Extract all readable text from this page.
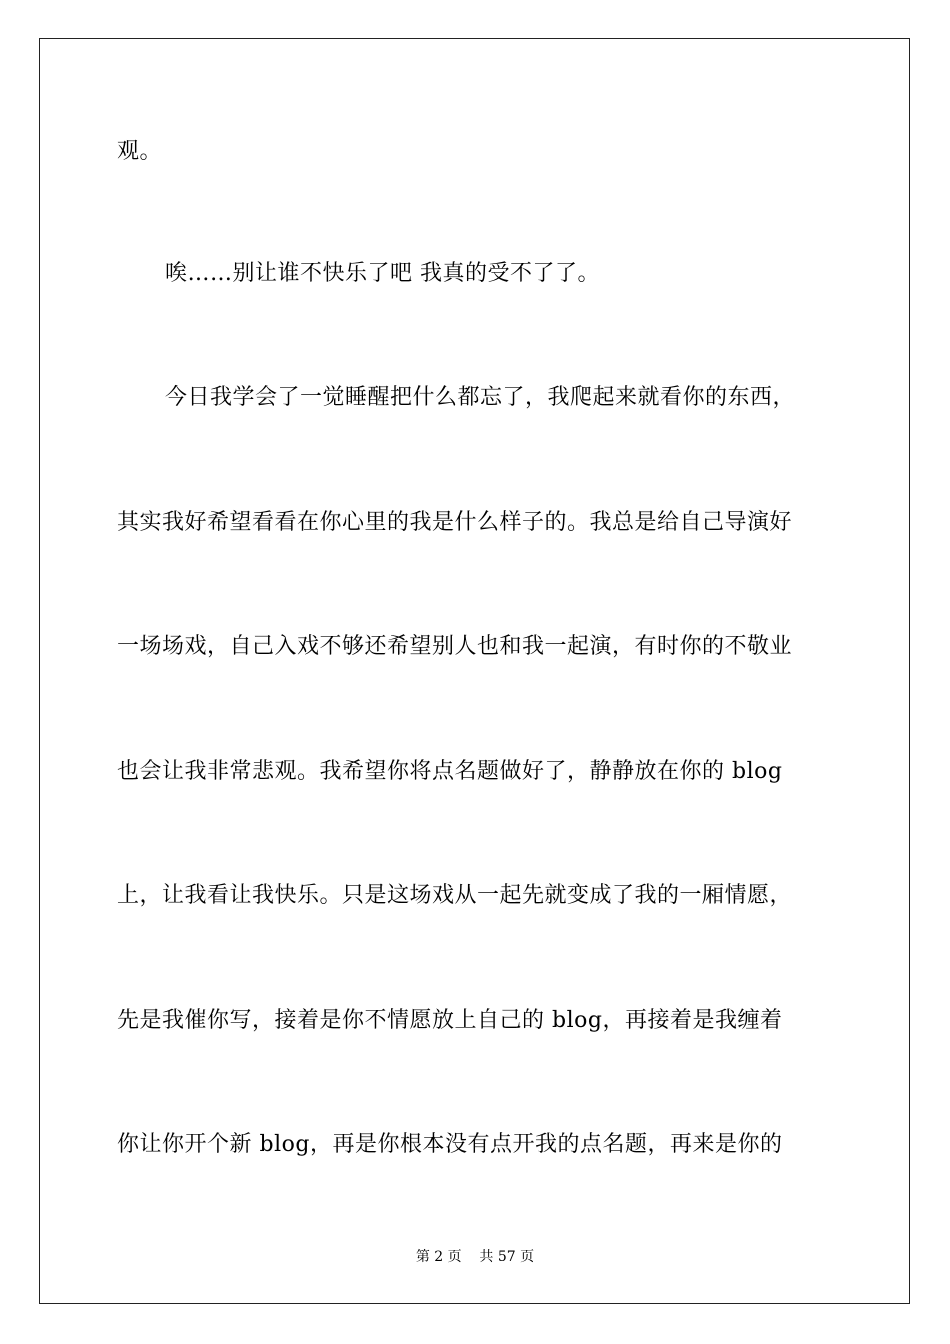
观。
唉……别让谁不快乐了吧 我真的受不了了。
今日我学会了一觉睡醒把什么都忘了，我爬起来就看你的东西，
其实我好希望看看在你心里的我是什么样子的。我总是给自己导演好
一场场戏，自己入戏不够还希望别人也和我一起演，有时你的不敬业
也会让我非常悲观。我希望你将点名题做好了，静静放在你的 blog
上，让我看让我快乐。只是这场戏从一起先就变成了我的一厢情愿，
先是我催你写，接着是你不情愿放上自己的 blog，再接着是我缠着
你让你开个新 blog，再是你根本没有点开我的点名题，再来是你的
第 2 页    共 57 页
